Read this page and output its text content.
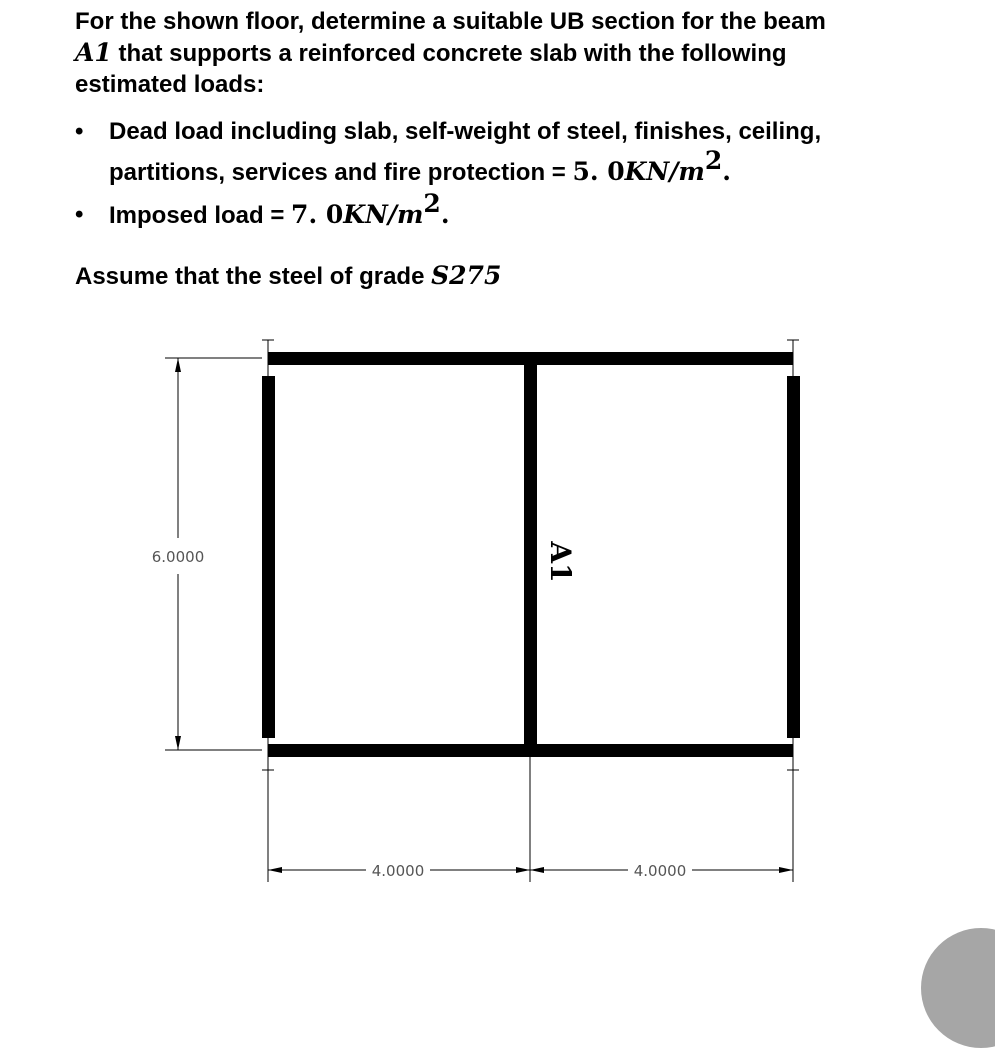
For the shown floor, determine a suitable UB section for the beam
A1 that supports a reinforced concrete slab with the following
estimated loads:
•	Dead load including slab, self-weight of steel, finishes, ceiling,
partitions, services and fire protection = 5. $0KN/m^2$.
•	Imposed load = 7. $0KN/m^2$.
Assume that the steel of grade S275
6.0000
4.0000	4.0000
A1
